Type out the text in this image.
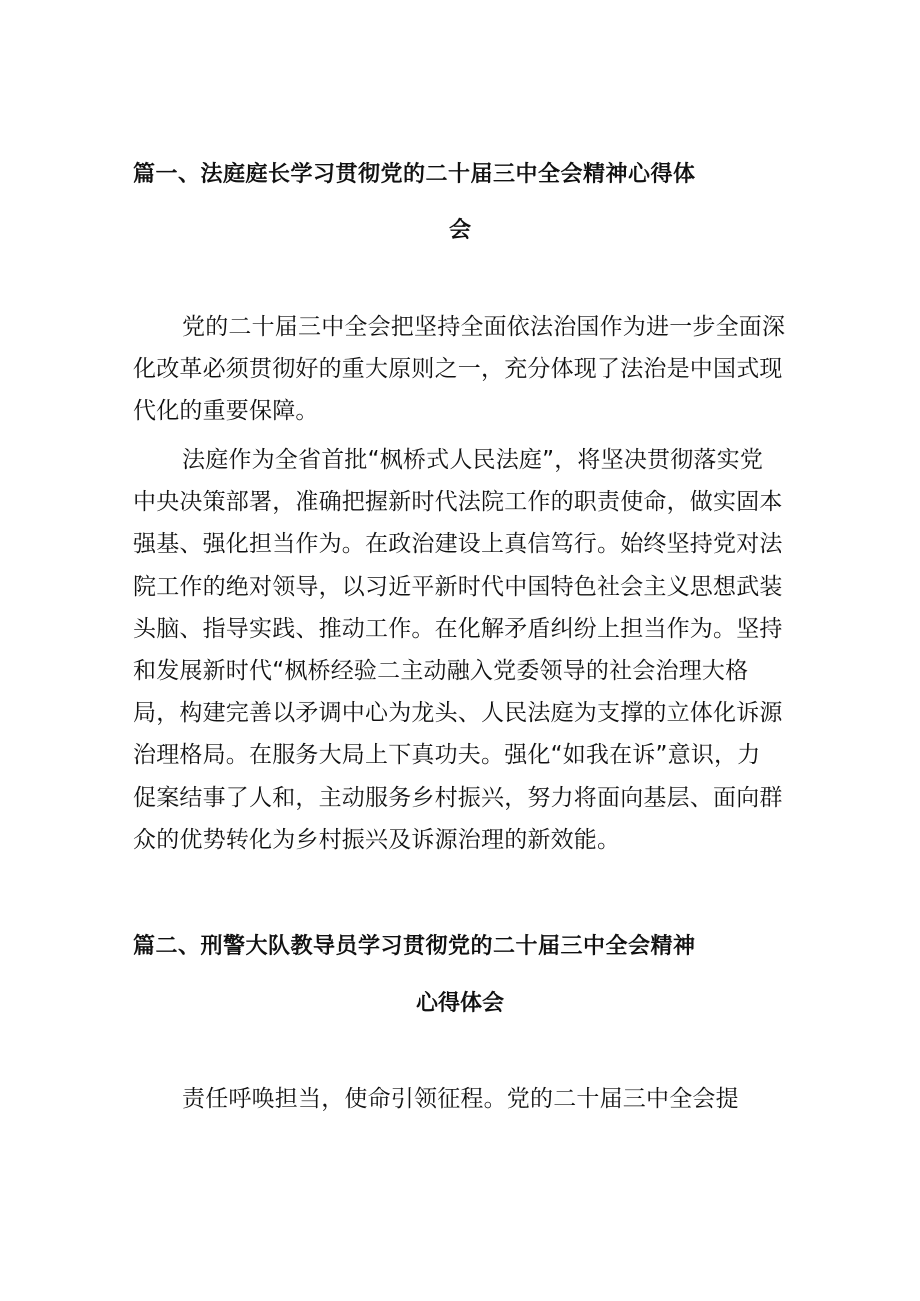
篇一、法庭庭长学习贯彻党的二十届三中全会精神心得体
会
党的二十届三中全会把坚持全面依法治国作为进一步全面深
化改革必须贯彻好的重大原则之一，充分体现了法治是中国式现
代化的重要保障。
法庭作为全省首批“枫桥式人民法庭”，将坚决贯彻落实党
中央决策部署，准确把握新时代法院工作的职责使命，做实固本
强基、强化担当作为。在政治建设上真信笃行。始终坚持党对法
院工作的绝对领导，以习近平新时代中国特色社会主义思想武装
头脑、指导实践、推动工作。在化解矛盾纠纷上担当作为。坚持
和发展新时代“枫桥经验二主动融入党委领导的社会治理大格
局，构建完善以矛调中心为龙头、人民法庭为支撑的立体化诉源
治理格局。在服务大局上下真功夫。强化“如我在诉”意识，力
促案结事了人和，主动服务乡村振兴，努力将面向基层、面向群
众的优势转化为乡村振兴及诉源治理的新效能。
篇二、刑警大队教导员学习贯彻党的二十届三中全会精神
心得体会
责任呼唤担当，使命引领征程。党的二十届三中全会提
